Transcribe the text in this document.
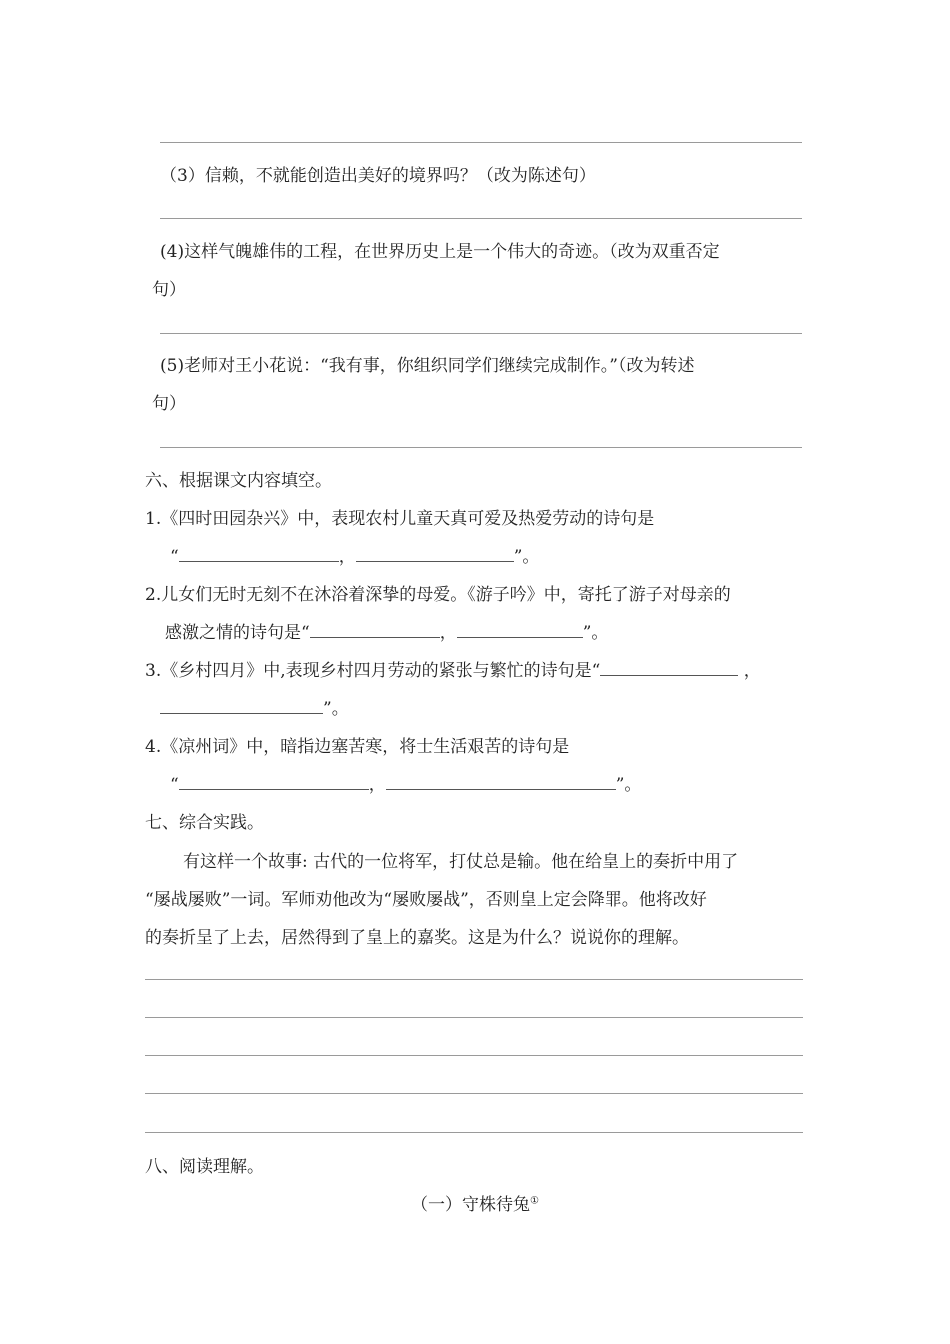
（3）信赖，不就能创造出美好的境界吗？（改为陈述句）
(4)这样气魄雄伟的工程，在世界历史上是一个伟大的奇迹。（改为双重否定
句）
(5)老师对王小花说：“我有事，你组织同学们继续完成制作。”（改为转述
句）
六、根据课文内容填空。
1.《四时田园杂兴》中，表现农村儿童天真可爱及热爱劳动的诗句是
“	，	”。
2.儿女们无时无刻不在沐浴着深挚的母爱。《游子吟》中，寄托了游子对母亲的
感激之情的诗句是“	，	”。
3.《乡村四月》中,表现乡村四月劳动的紧张与繁忙的诗句是“	，
”。
4.《凉州词》中，暗指边塞苦寒，将士生活艰苦的诗句是
“	，	”。
七、综合实践。
有这样一个故事: 古代的一位将军，打仗总是输。他在给皇上的奏折中用了
“屡战屡败”一词。军师劝他改为“屡败屡战”，否则皇上定会降罪。他将改好
的奏折呈了上去，居然得到了皇上的嘉奖。这是为什么？说说你的理解。
八、阅读理解。
（一）守株待兔①
